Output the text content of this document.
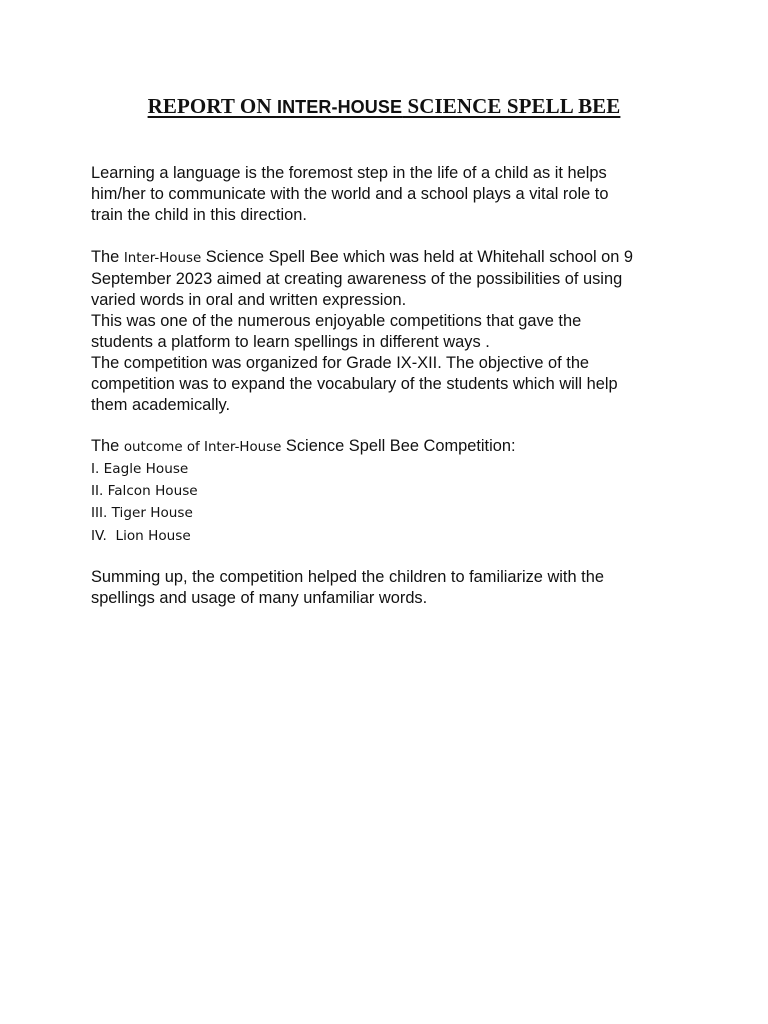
REPORT ON INTER-HOUSE SCIENCE SPELL BEE

Learning a language is the foremost step in the life of a child as it helps
him/her to communicate with the world and a school plays a vital role to
train the child in this direction.

The Inter-House Science Spell Bee which was held at Whitehall school on 9
September 2023 aimed at creating awareness of the possibilities of using
varied words in oral and written expression.
This was one of the numerous enjoyable competitions that gave the
students a platform to learn spellings in different ways .
The competition was organized for Grade IX-XII. The objective of the
competition was to expand the vocabulary of the students which will help
them academically.

The outcome of Inter-House Science Spell Bee Competition:

I. Eagle House
II. Falcon House
III. Tiger House
IV.  Lion House

Summing up, the competition helped the children to familiarize with the
spellings and usage of many unfamiliar words.
